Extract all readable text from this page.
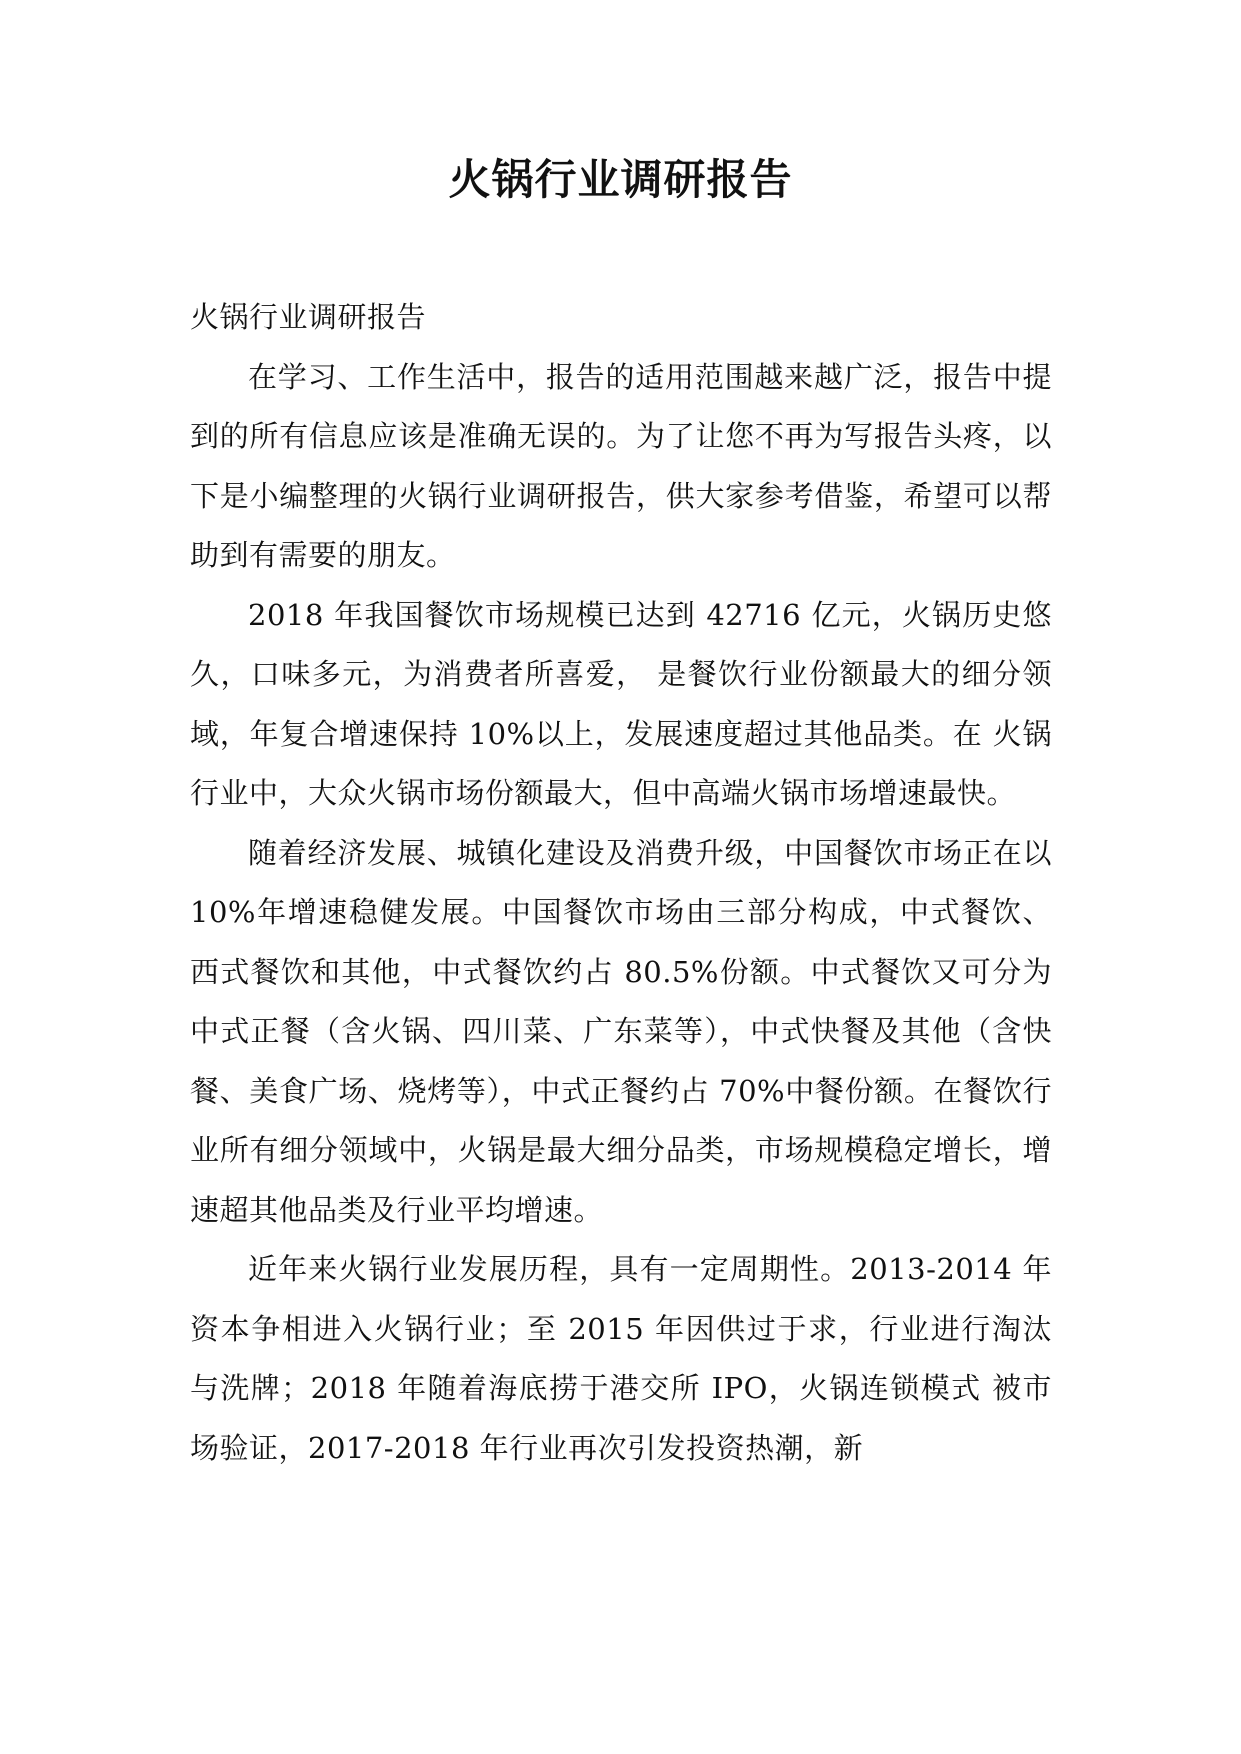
火锅行业调研报告

火锅行业调研报告

在学习、工作生活中，报告的适用范围越来越广泛，报告中提到的所有信息应该是准确无误的。为了让您不再为写报告头疼，以下是小编整理的火锅行业调研报告，供大家参考借鉴，希望可以帮助到有需要的朋友。

2018 年我国餐饮市场规模已达到 42716 亿元，火锅历史悠久，口味多元，为消费者所喜爱， 是餐饮行业份额最大的细分领域，年复合增速保持 10%以上，发展速度超过其他品类。在 火锅行业中，大众火锅市场份额最大，但中高端火锅市场增速最快。

随着经济发展、城镇化建设及消费升级，中国餐饮市场正在以 10%年增速稳健发展。中国餐饮市场由三部分构成，中式餐饮、西式餐饮和其他，中式餐饮约占 80.5%份额。中式餐饮又可分为中式正餐（含火锅、四川菜、广东菜等），中式快餐及其他（含快餐、美食广场、烧烤等），中式正餐约占 70%中餐份额。在餐饮行业所有细分领域中，火锅是最大细分品类，市场规模稳定增长，增速超其他品类及行业平均增速。

近年来火锅行业发展历程，具有一定周期性。2013-2014 年资本争相进入火锅行业；至 2015 年因供过于求，行业进行淘汰与洗牌；2018 年随着海底捞于港交所 IPO，火锅连锁模式 被市场验证，2017-2018 年行业再次引发投资热潮，新
